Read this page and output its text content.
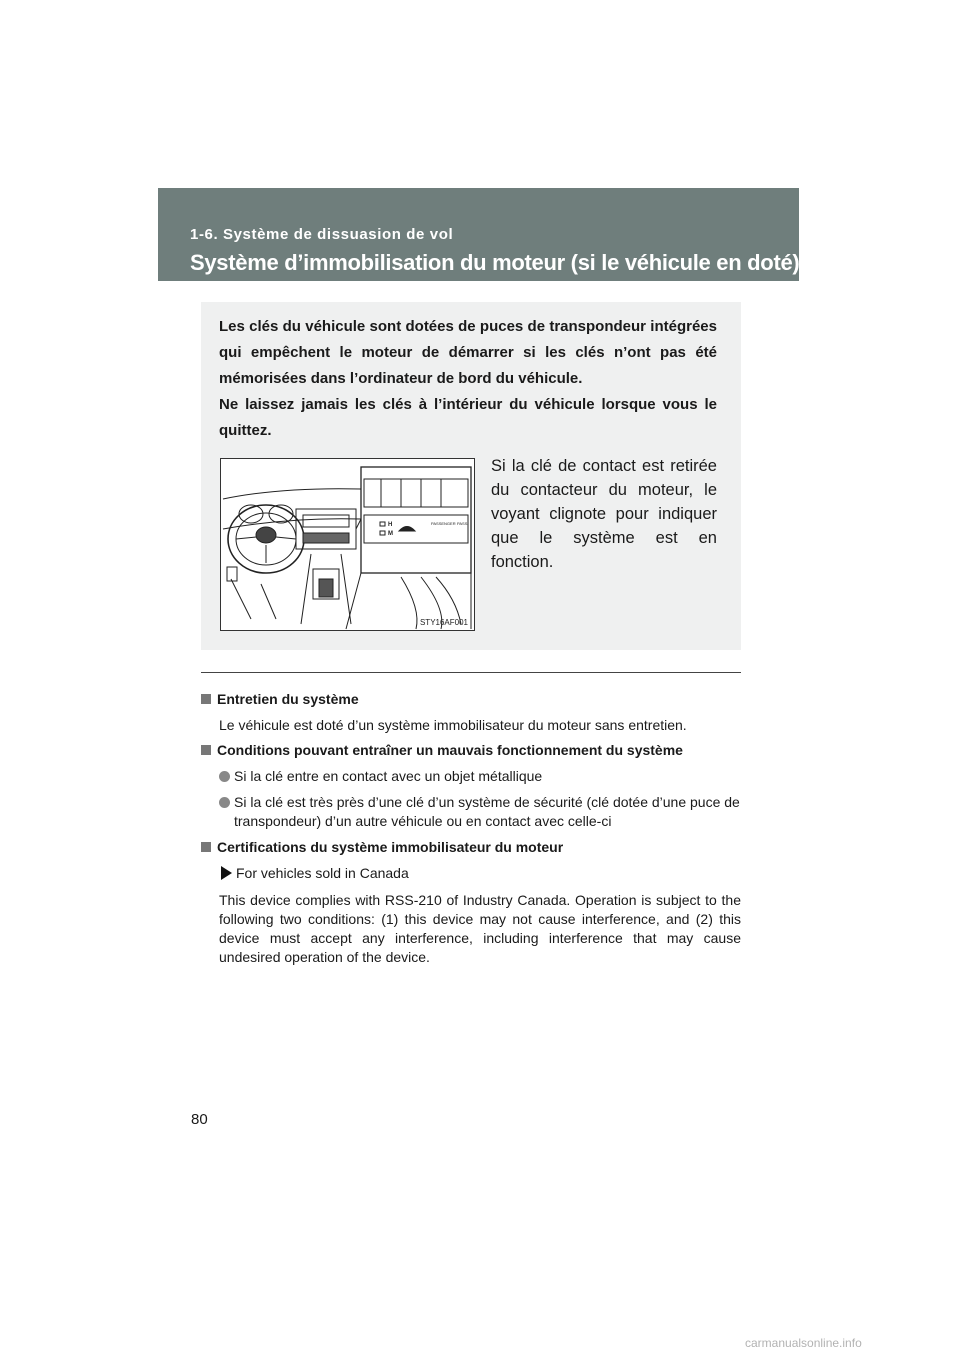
1-6. Système de dissuasion de vol
Système d’immobilisation du moteur (si le véhicule en doté)

Les clés du véhicule sont dotées de puces de transpondeur intégrées qui empêchent le moteur de démarrer si les clés n’ont pas été mémorisées dans l’ordinateur de bord du véhicule.

Ne laissez jamais les clés à l’intérieur du véhicule lorsque vous le quittez.

H
M
PASSENGER PASS
STY16AF001

Si la clé de contact est retirée du contacteur du moteur, le voyant clignote pour indiquer que le système est en fonction.

Entretien du système

Le véhicule est doté d’un système immobilisateur du moteur sans entretien.

Conditions pouvant entraîner un mauvais fonctionnement du système
Si la clé entre en contact avec un objet métallique
Si la clé est très près d’une clé d’un système de sécurité (clé dotée d’une puce de transpondeur) d’un autre véhicule ou en contact avec celle-ci
Certifications du système immobilisateur du moteur
For vehicles sold in Canada

This device complies with RSS-210 of Industry Canada. Operation is subject to the following two conditions: (1) this device may not cause interference, and (2) this device must accept any interference, including interference that may cause undesired operation of the device.

80
carmanualsonline.info
